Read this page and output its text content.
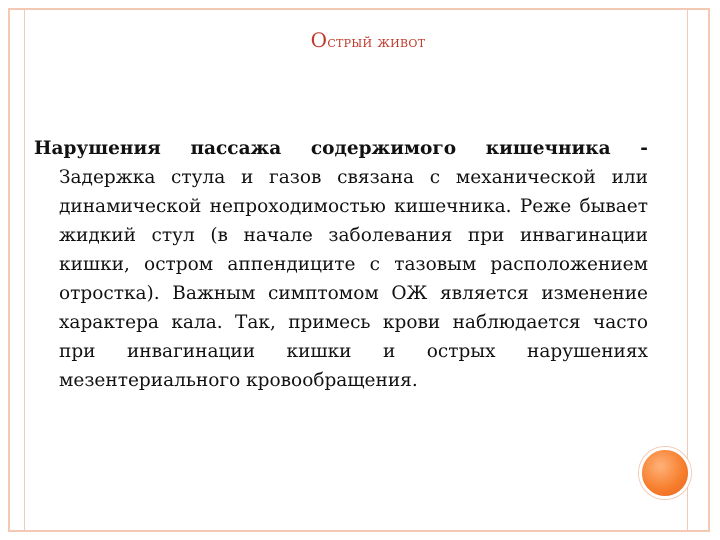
Острый живот
Нарушения пассажа содержимого кишечника - Задержка стула и газов связана с механической или динамической непроходимостью кишечника. Реже бывает жидкий стул (в начале заболевания при инвагинации кишки, остром аппендиците с тазовым расположением отростка). Важным симптомом ОЖ является изменение характера кала. Так, примесь крови наблюдается часто при инвагинации кишки и острых нарушениях мезентериального кровообращения.
